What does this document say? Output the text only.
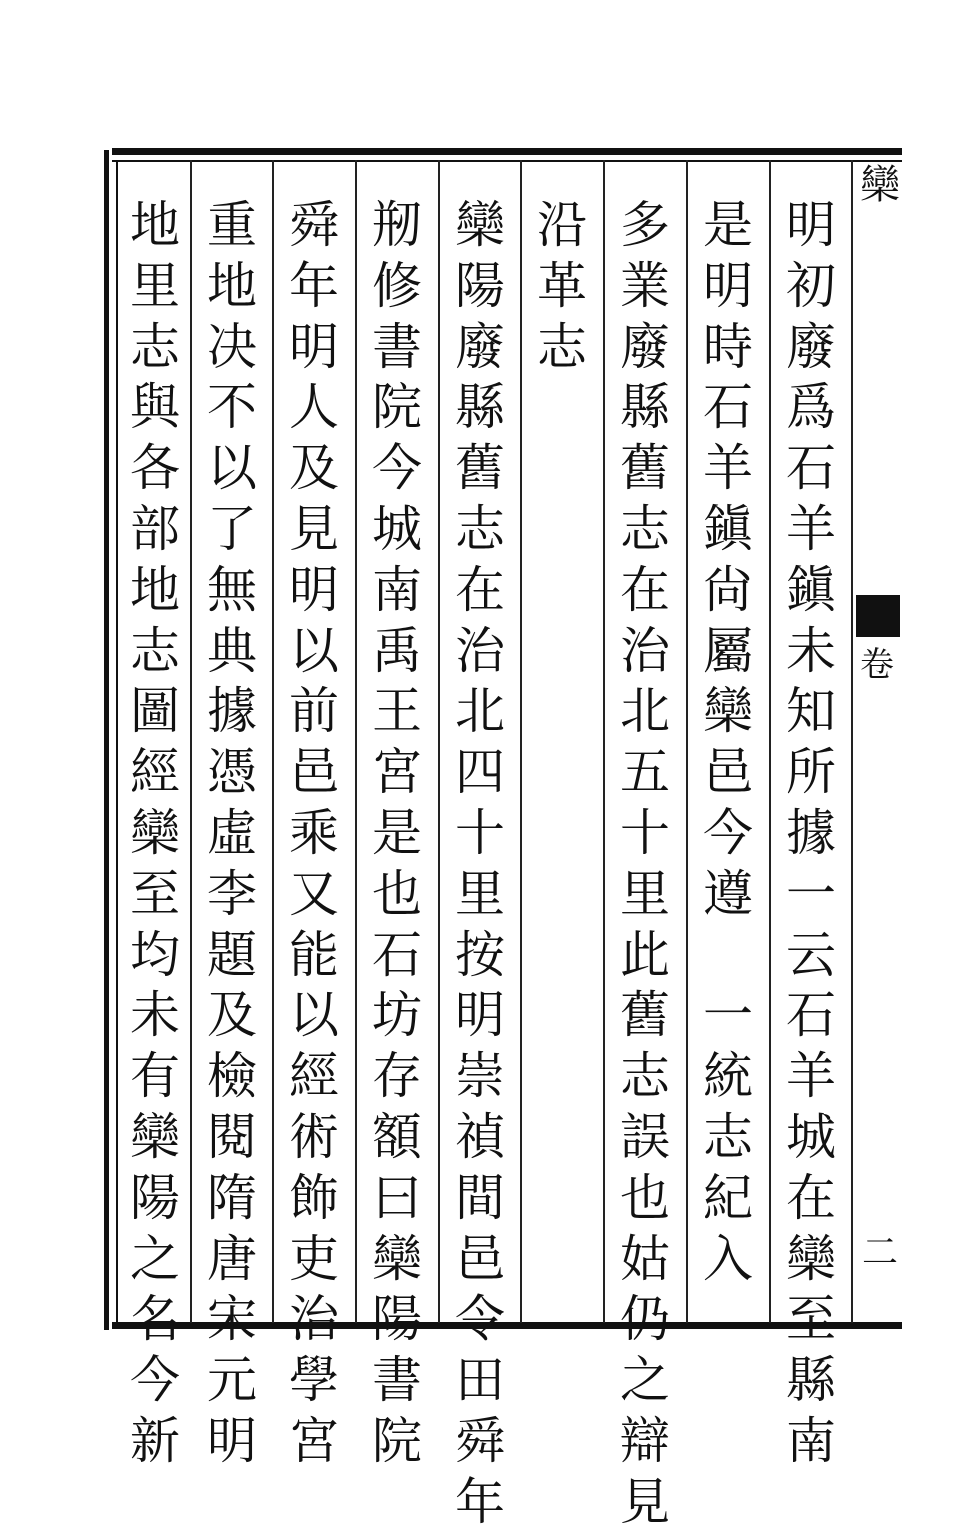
明
初
廢
爲
石
羊
鎭
未
知
所
據
一
云
石
羊
城
在
欒
至
縣
南
是
明
時
石
羊
鎭
尙
屬
欒
邑
今
遵

一
統
志
紀
入
多
業
廢
縣
舊
志
在
治
北
五
十
里
此
舊
志
誤
也
姑
仍
之
辯
見
沿
革
志
欒
陽
廢
縣
舊
志
在
治
北
四
十
里
按
明
崇
禎
間
邑
令
田
舜
年
剏
修
書
院
今
城
南
禹
王
宮
是
也
石
坊
存
額
曰
欒
陽
書
院
舜
年
明
人
及
見
明
以
前
邑
乘
又
能
以
經
術
飾
吏
治
學
宮
重
地
决
不
以
了
無
典
據
憑
虛
李
題
及
檢
閱
隋
唐
宋
元
明
地
里
志
與
各
部
地
志
圖
經
欒
至
均
未
有
欒
陽
之
名
今
新
欒
卷
二
